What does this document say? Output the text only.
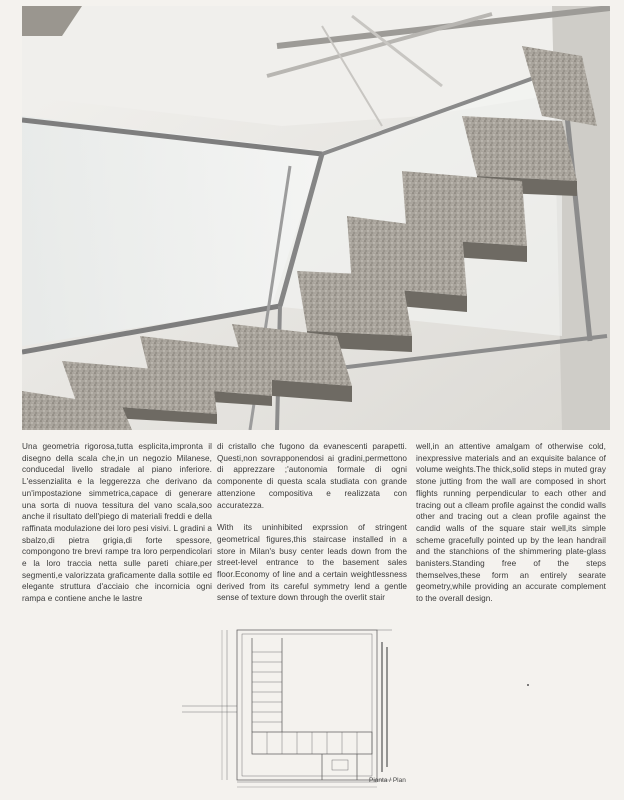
Una geometria rigorosa,tutta esplicita,impronta il disegno della scala che,in un negozio Milanese, conducedal livello stradale al piano inferiore. L'essenzialita e la leggerezza che derivano da un'impostazione simmetrica,capace di generare una sorta di nuova tessitura del vano scala,soo anche il risultato dell'piego di materiali freddi e della raffinata modulazione dei loro pesi visivi. L gradini a sbalzo,di pietra grigia,di forte spessore, compongono tre brevi rampe tra loro perpendicolari e la loro traccia netta sulle pareti chiare,per segmenti,e valorizzata graficamente dalla sottile ed elegante struttura d'acciaio che incornicia ogni rampa e contiene anche le lastre

di cristallo che fugono da evanescenti parapetti. Questi,non sovrapponendosi ai gradini,permettono di apprezzare ;'autonomia formale di ogni componente di questa scala studiata con grande attenzione compositiva e realizzata con accuratezza.

With its uninhibited exprssion of stringent geometrical figures,this staircase installed in a store in Milan's busy center leads down from the street-level entrance to the basement sales floor.Economy of line and a certain weightlessness derived from its careful symmetry lend a gentle sense of texture down through the overlit stair

well,in an attentive amalgam of otherwise cold, inexpressive materials and an exquisite balance of volume weights.The thick,solid steps in muted gray stone jutting from the wall are composed in short flights running perpendicular to each other and tracing out a clleam profile against the condid walls other and tracing out a clean profile against the candid walls of the square stair well,its simple scheme gracefully pointed up by the lean handrail and the stanchions of the shimmering plate-glass banisters.Standing free of the steps themselves,these form an entirely searate geometry,while providing an accurate complement to the overall design.

Pianta / Plan
